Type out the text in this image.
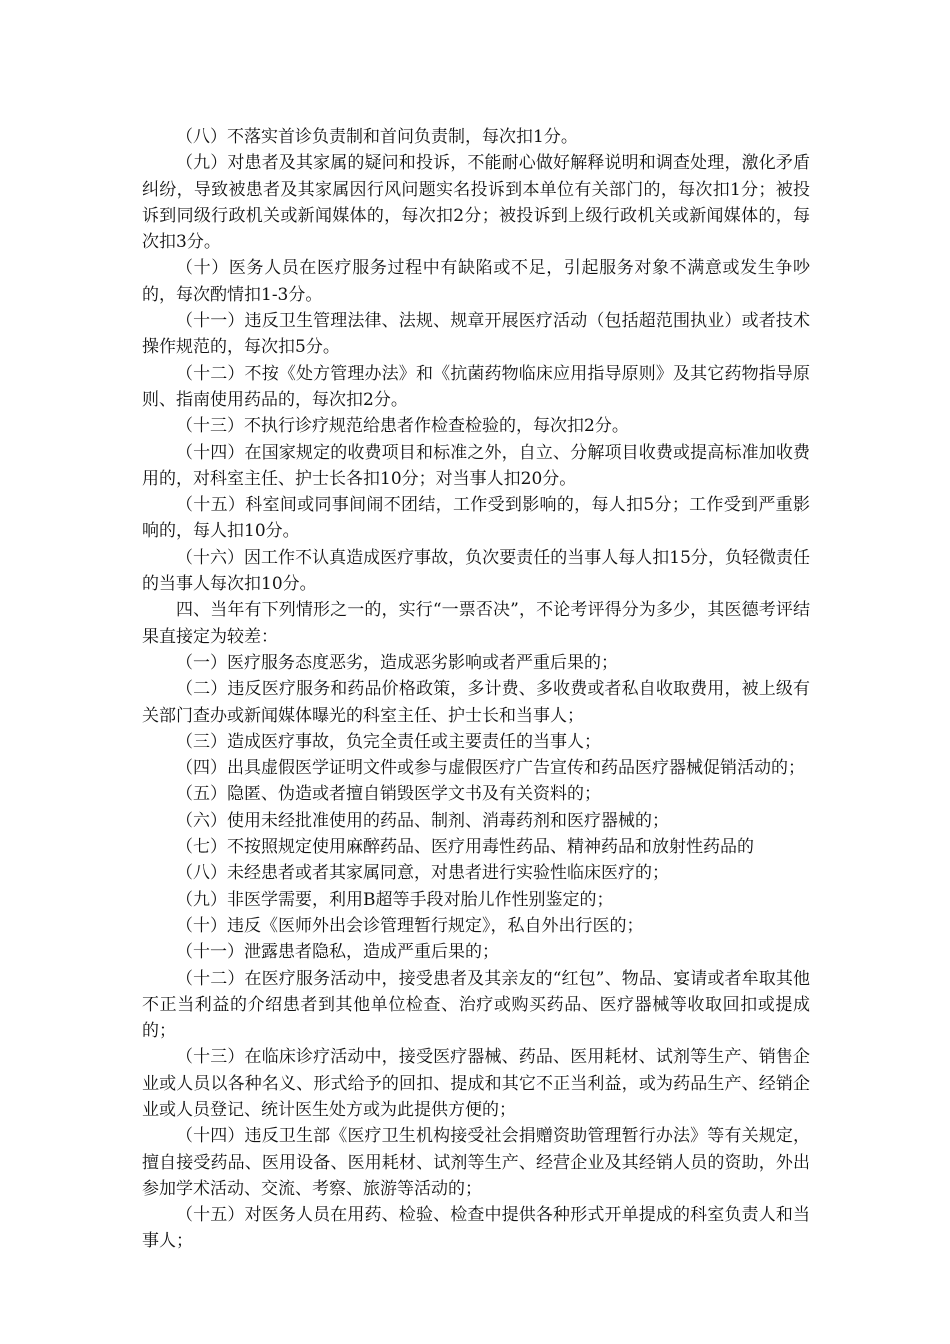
（八）不落实首诊负责制和首问负责制，每次扣1分。

（九）对患者及其家属的疑问和投诉，不能耐心做好解释说明和调查处理，激化矛盾纠纷，导致被患者及其家属因行风问题实名投诉到本单位有关部门的，每次扣1分；被投诉到同级行政机关或新闻媒体的，每次扣2分；被投诉到上级行政机关或新闻媒体的，每次扣3分。

（十）医务人员在医疗服务过程中有缺陷或不足，引起服务对象不满意或发生争吵的，每次酌情扣1-3分。

（十一）违反卫生管理法律、法规、规章开展医疗活动（包括超范围执业）或者技术操作规范的，每次扣5分。

（十二）不按《处方管理办法》和《抗菌药物临床应用指导原则》及其它药物指导原则、指南使用药品的，每次扣2分。

（十三）不执行诊疗规范给患者作检查检验的，每次扣2分。

（十四）在国家规定的收费项目和标准之外，自立、分解项目收费或提高标准加收费用的，对科室主任、护士长各扣10分；对当事人扣20分。

（十五）科室间或同事间闹不团结，工作受到影响的，每人扣5分；工作受到严重影响的，每人扣10分。

（十六）因工作不认真造成医疗事故，负次要责任的当事人每人扣15分，负轻微责任的当事人每次扣10分。

四、当年有下列情形之一的，实行“一票否决”，不论考评得分为多少，其医德考评结果直接定为较差：

（一）医疗服务态度恶劣，造成恶劣影响或者严重后果的；

（二）违反医疗服务和药品价格政策，多计费、多收费或者私自收取费用，被上级有关部门查办或新闻媒体曝光的科室主任、护士长和当事人；

（三）造成医疗事故，负完全责任或主要责任的当事人；

（四）出具虚假医学证明文件或参与虚假医疗广告宣传和药品医疗器械促销活动的；

（五）隐匿、伪造或者擅自销毁医学文书及有关资料的；

（六）使用未经批准使用的药品、制剂、消毒药剂和医疗器械的；

（七）不按照规定使用麻醉药品、医疗用毒性药品、精神药品和放射性药品的

（八）未经患者或者其家属同意，对患者进行实验性临床医疗的；

（九）非医学需要，利用B超等手段对胎儿作性别鉴定的；

（十）违反《医师外出会诊管理暂行规定》，私自外出行医的；

（十一）泄露患者隐私，造成严重后果的；

（十二）在医疗服务活动中，接受患者及其亲友的“红包”、物品、宴请或者牟取其他不正当利益的介绍患者到其他单位检查、治疗或购买药品、医疗器械等收取回扣或提成的；

（十三）在临床诊疗活动中，接受医疗器械、药品、医用耗材、试剂等生产、销售企业或人员以各种名义、形式给予的回扣、提成和其它不正当利益，或为药品生产、经销企业或人员登记、统计医生处方或为此提供方便的；

（十四）违反卫生部《医疗卫生机构接受社会捐赠资助管理暂行办法》等有关规定，擅自接受药品、医用设备、医用耗材、试剂等生产、经营企业及其经销人员的资助，外出参加学术活动、交流、考察、旅游等活动的；

（十五）对医务人员在用药、检验、检查中提供各种形式开单提成的科室负责人和当事人；
